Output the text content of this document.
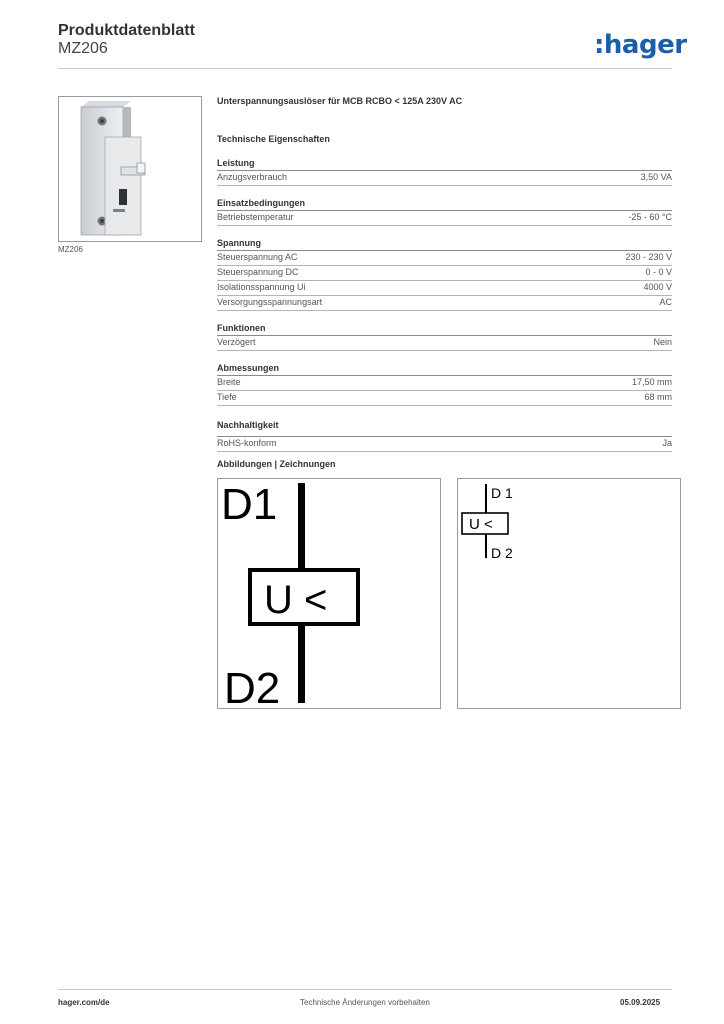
Produktdatenblatt
MZ206	:hager
MZ206
Unterspannungsauslöser für MCB RCBO < 125A 230V AC
Technische Eigenschaften
Leistung
Anzugsverbrauch	3,50 VA
Einsatzbedingungen
Betriebstemperatur	-25 - 60 °C
Spannung
Steuerspannung AC	230 - 230 V
Steuerspannung DC	0 - 0 V
Isolationsspannung Ui	4000 V
Versorgungsspannungsart	AC
Funktionen
Verzögert	Nein
Abmessungen
Breite	17,50 mm
Tiefe	68 mm
Nachhaltigkeit
RoHS-konform	Ja
Abbildungen | Zeichnungen
D1
U <
D2
D 1
U <
D 2
hager.com/de	Technische Änderungen vorbehalten	05.09.2025
